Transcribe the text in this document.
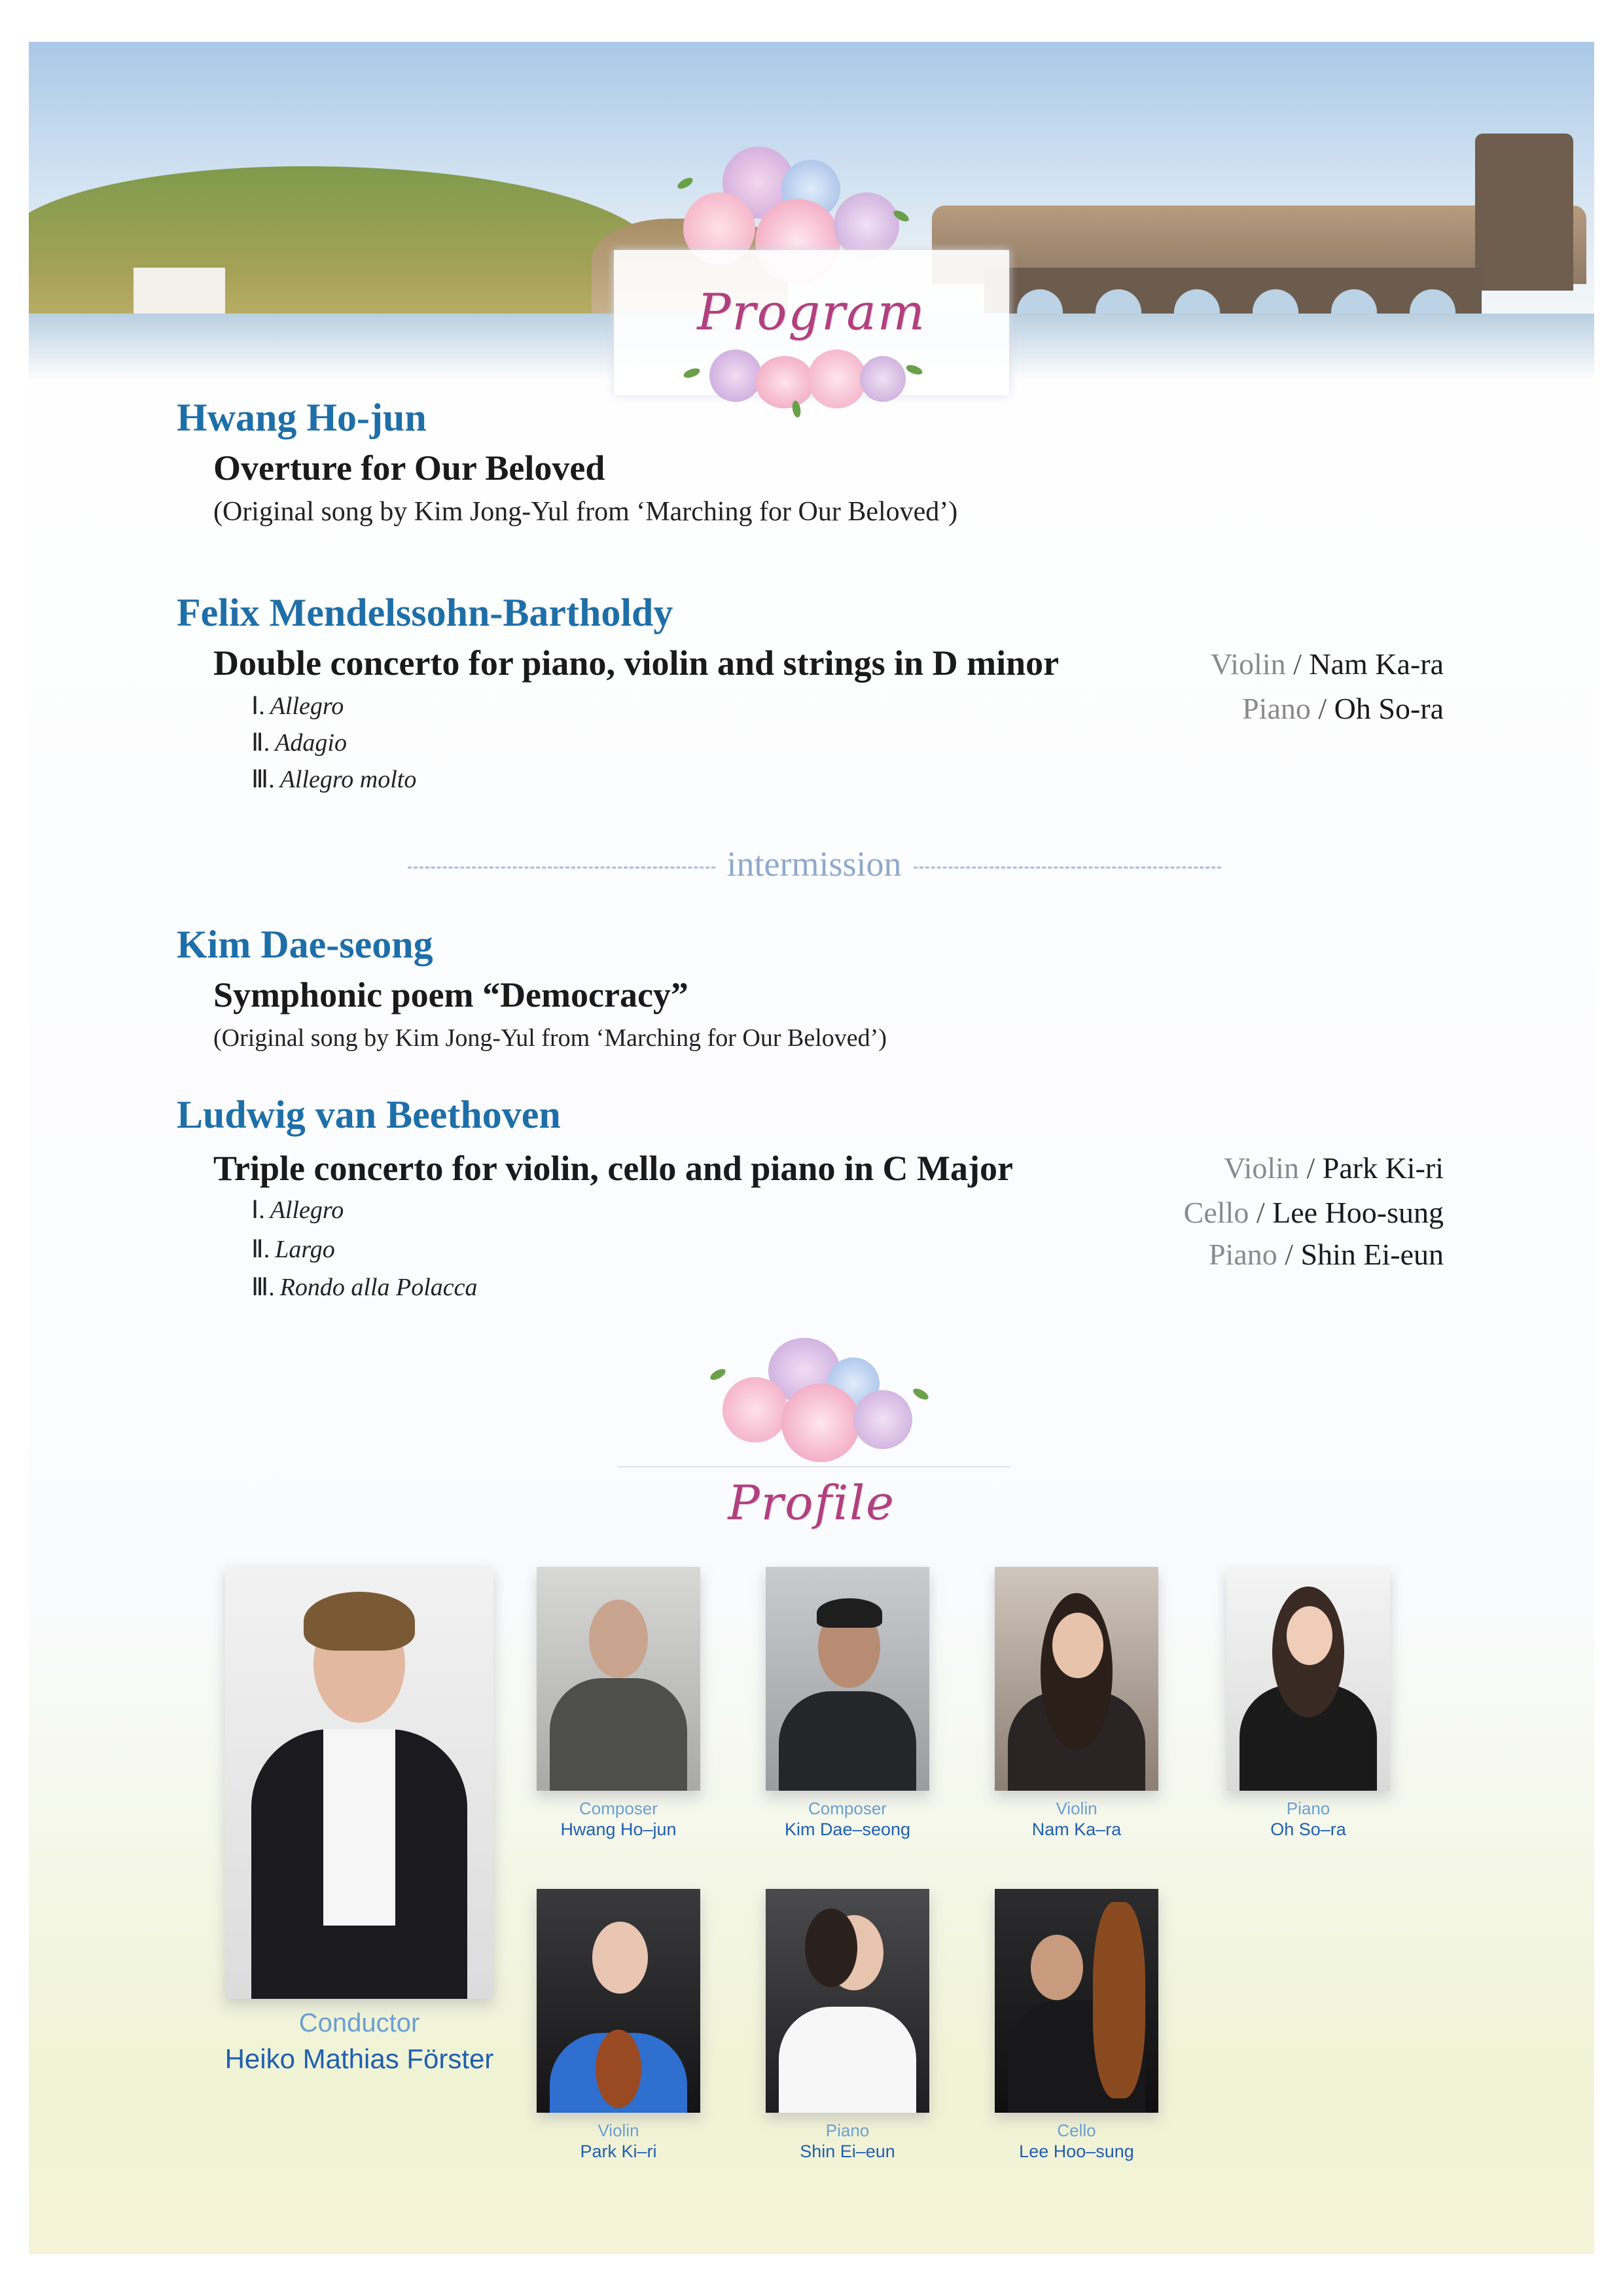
Program
Hwang Ho-jun
Overture for Our Beloved
(Original song by Kim Jong-Yul from ‘Marching for Our Beloved’)
Felix Mendelssohn-Bartholdy
Double concerto for piano, violin and strings in D minor
Ⅰ. Allegro
Ⅱ. Adagio
Ⅲ. Allegro molto
Violin / Nam Ka-ra
Piano / Oh So-ra
intermission
Kim Dae-seong
Symphonic poem “Democracy”
(Original song by Kim Jong-Yul from ‘Marching for Our Beloved’)
Ludwig van Beethoven
Triple concerto for violin, cello and piano in C Major
Ⅰ. Allegro
Ⅱ. Largo
Ⅲ. Rondo alla Polacca
Violin / Park Ki-ri
Cello / Lee Hoo-sung
Piano / Shin Ei-eun
Profile
Conductor
Heiko Mathias Förster
Composer
Hwang Ho–jun
Composer
Kim Dae–seong
Violin
Nam Ka–ra
Piano
Oh So–ra
Violin
Park Ki–ri
Piano
Shin Ei–eun
Cello
Lee Hoo–sung
